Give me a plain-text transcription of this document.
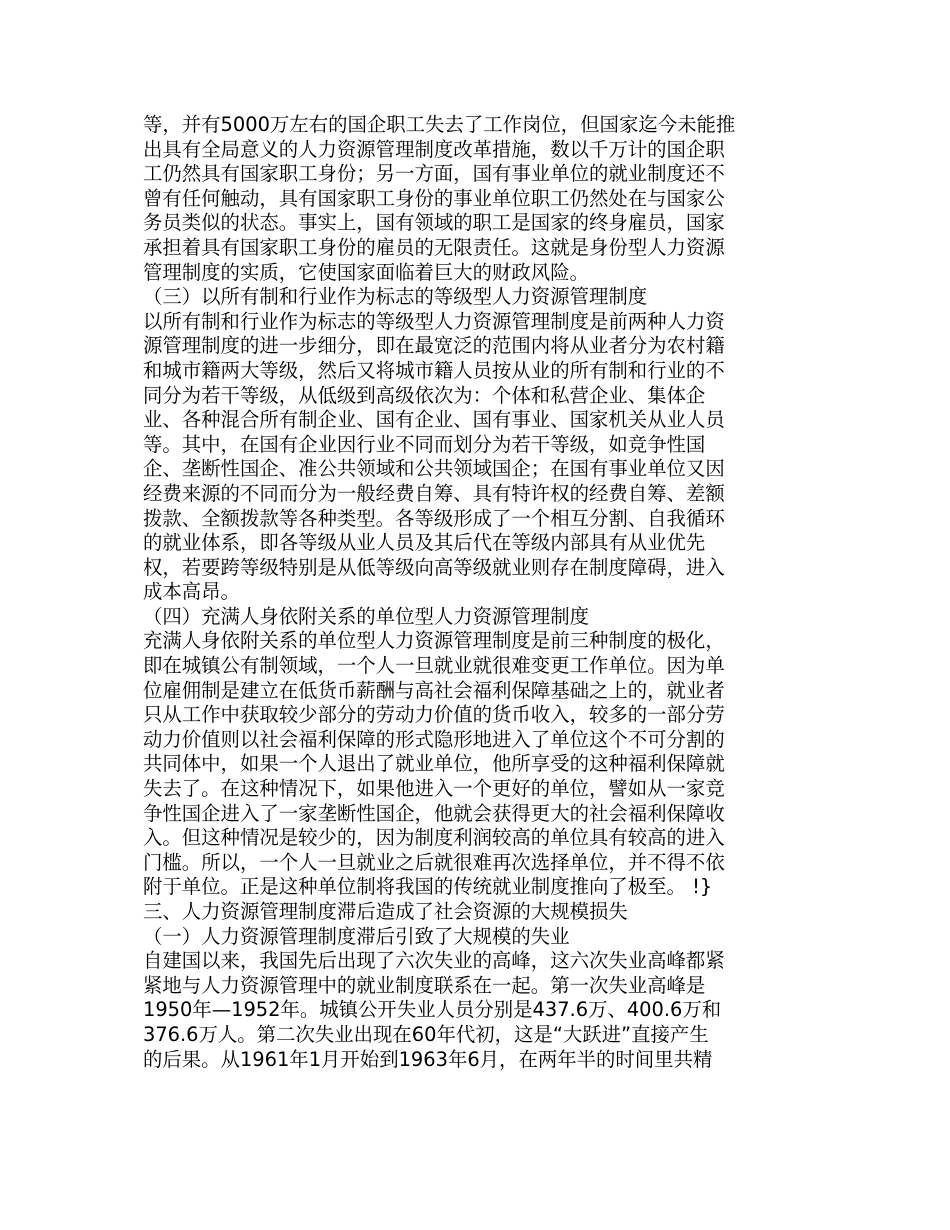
等，并有5000万左右的国企职工失去了工作岗位，但国家迄今未能推
出具有全局意义的人力资源管理制度改革措施，数以千万计的国企职
工仍然具有国家职工身份；另一方面，国有事业单位的就业制度还不
曾有任何触动，具有国家职工身份的事业单位职工仍然处在与国家公
务员类似的状态。事实上，国有领域的职工是国家的终身雇员，国家
承担着具有国家职工身份的雇员的无限责任。这就是身份型人力资源
管理制度的实质，它使国家面临着巨大的财政风险。
（三）以所有制和行业作为标志的等级型人力资源管理制度
以所有制和行业作为标志的等级型人力资源管理制度是前两种人力资
源管理制度的进一步细分，即在最宽泛的范围内将从业者分为农村籍
和城市籍两大等级，然后又将城市籍人员按从业的所有制和行业的不
同分为若干等级，从低级到高级依次为：个体和私营企业、集体企
业、各种混合所有制企业、国有企业、国有事业、国家机关从业人员
等。其中，在国有企业因行业不同而划分为若干等级，如竞争性国
企、垄断性国企、准公共领域和公共领域国企；在国有事业单位又因
经费来源的不同而分为一般经费自筹、具有特许权的经费自筹、差额
拨款、全额拨款等各种类型。各等级形成了一个相互分割、自我循环
的就业体系，即各等级从业人员及其后代在等级内部具有从业优先
权，若要跨等级特别是从低等级向高等级就业则存在制度障碍，进入
成本高昂。
（四）充满人身依附关系的单位型人力资源管理制度
充满人身依附关系的单位型人力资源管理制度是前三种制度的极化，
即在城镇公有制领域，一个人一旦就业就很难变更工作单位。因为单
位雇佣制是建立在低货币薪酬与高社会福利保障基础之上的，就业者
只从工作中获取较少部分的劳动力价值的货币收入，较多的一部分劳
动力价值则以社会福利保障的形式隐形地进入了单位这个不可分割的
共同体中，如果一个人退出了就业单位，他所享受的这种福利保障就
失去了。在这种情况下，如果他进入一个更好的单位，譬如从一家竞
争性国企进入了一家垄断性国企，他就会获得更大的社会福利保障收
入。但这种情况是较少的，因为制度利润较高的单位具有较高的进入
门槛。所以，一个人一旦就业之后就很难再次选择单位，并不得不依
附于单位。正是这种单位制将我国的传统就业制度推向了极至。 !}
三、人力资源管理制度滞后造成了社会资源的大规模损失
（一）人力资源管理制度滞后引致了大规模的失业
自建国以来，我国先后出现了六次失业的高峰，这六次失业高峰都紧
紧地与人力资源管理中的就业制度联系在一起。第一次失业高峰是
1950年—1952年。城镇公开失业人员分别是437.6万、400.6万和
376.6万人。第二次失业出现在60年代初，这是“大跃进”直接产生
的后果。从1961年1月开始到1963年6月，在两年半的时间里共精
